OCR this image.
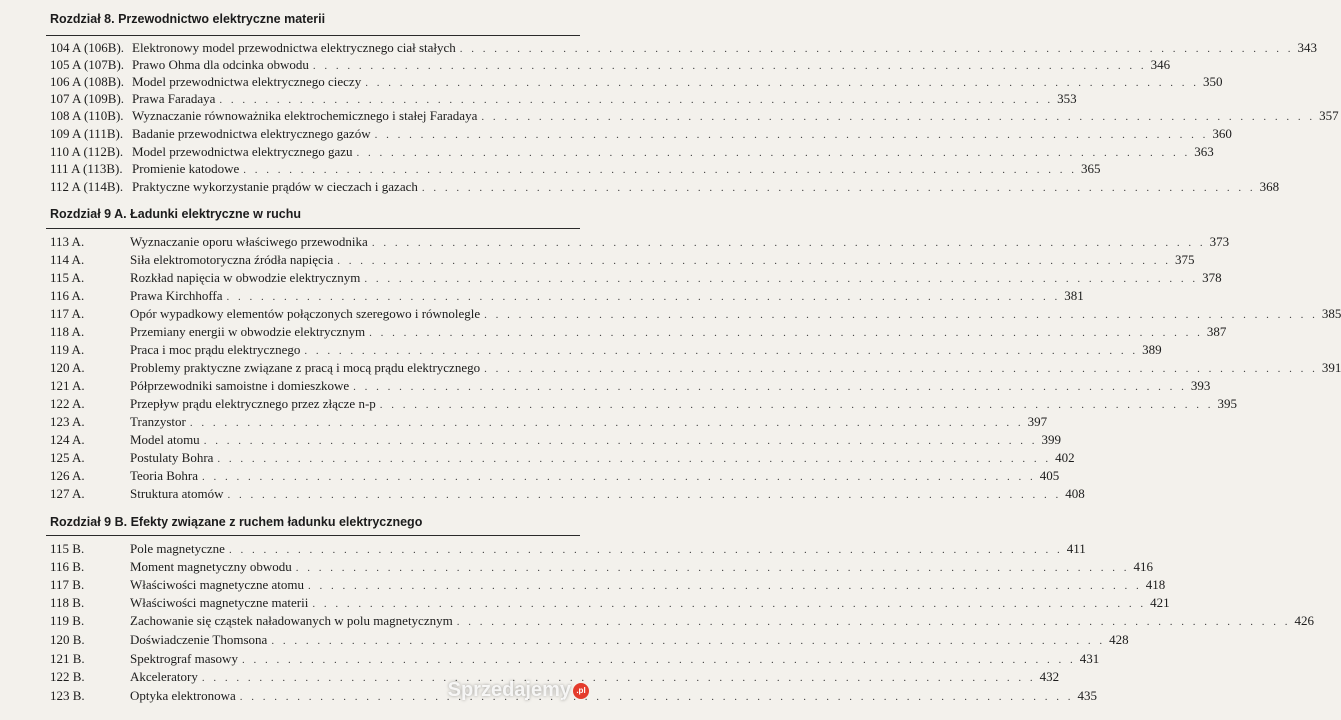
Rozdział 8. Przewodnictwo elektryczne materii
104 A (106B). Elektronowy model przewodnictwa elektrycznego ciał stałych . . .	343
105 A (107B). Prawo Ohma dla odcinka obwodu . . .	346
106 A (108B). Model przewodnictwa elektrycznego cieczy . . .	350
107 A (109B). Prawa Faradaya . . .	353
108 A (110B). Wyznaczanie równoważnika elektrochemicznego i stałej Faradaya . . .	357
109 A (111B). Badanie przewodnictwa elektrycznego gazów . . .	360
110 A (112B). Model przewodnictwa elektrycznego gazu . . .	363
111 A (113B). Promienie katodowe . . .	365
112 A (114B). Praktyczne wykorzystanie prądów w cieczach i gazach . . .	368
Rozdział 9 A. Ładunki elektryczne w ruchu
113 A.	Wyznaczanie oporu właściwego przewodnika . . .	373
114 A.	Siła elektromotoryczna źródła napięcia . . .	375
115 A.	Rozkład napięcia w obwodzie elektrycznym . . .	378
116 A.	Prawa Kirchhoffa . . .	381
117 A.	Opór wypadkowy elementów połączonych szeregowo i równolegle . . .	385
118 A.	Przemiany energii w obwodzie elektrycznym . . .	387
119 A.	Praca i moc prądu elektrycznego . . .	389
120 A.	Problemy praktyczne związane z pracą i mocą prądu elektrycznego . . .	391
121 A.	Półprzewodniki samoistne i domieszkowe . . .	393
122 A.	Przepływ prądu elektrycznego przez złącze n-p . . .	395
123 A.	Tranzystor . . .	397
124 A.	Model atomu . . .	399
125 A.	Postulaty Bohra . . .	402
126 A.	Teoria Bohra . . .	405
127 A.	Struktura atomów . . .	408
Rozdział 9 B. Efekty związane z ruchem ładunku elektrycznego
115 B.	Pole magnetyczne . . .	411
116 B.	Moment magnetyczny obwodu . . .	416
117 B.	Właściwości magnetyczne atomu . . .	418
118 B.	Właściwości magnetyczne materii . . .	421
119 B.	Zachowanie się cząstek naładowanych w polu magnetycznym . . .	426
120 B.	Doświadczenie Thomsona . . .	428
121 B.	Spektrograf masowy . . .	431
122 B.	Akceleratory . . .	432
123 B.	Optyka elektronowa . . .	435
Sprzedajemy .pl
